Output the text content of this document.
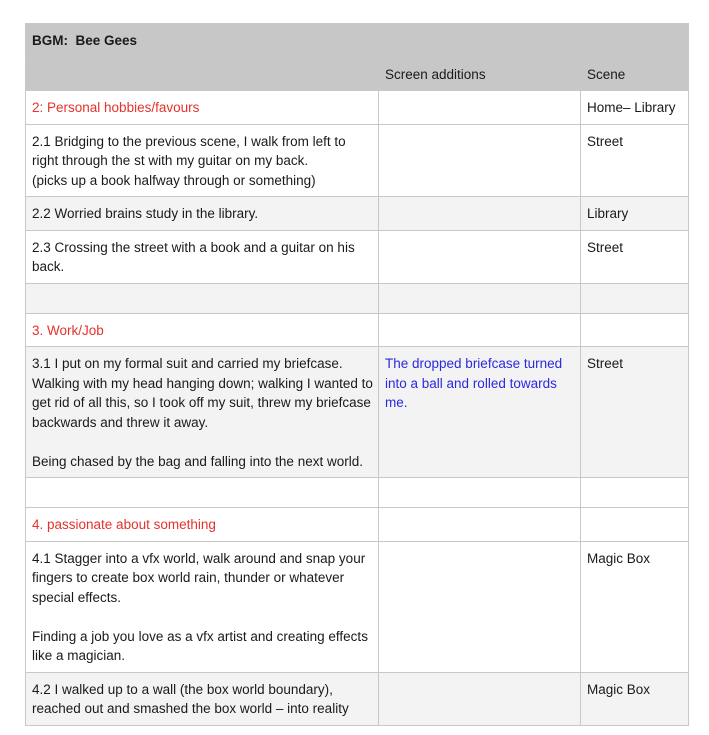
BGM:  Bee Gees		
	Screen additions	Scene
2: Personal hobbies/favours		Home– Library
2.1 Bridging to the previous scene, I walk from left to right through the st with my guitar on my back.
(picks up a book halfway through or something)		Street
2.2 Worried brains study in the library.		Library
2.3 Crossing the street with a book and a guitar on his back.		Street

3. Work/Job		
3.1 I put on my formal suit and carried my briefcase. Walking with my head hanging down; walking I wanted to get rid of all this, so I took off my suit, threw my briefcase backwards and threw it away.

Being chased by the bag and falling into the next world.	The dropped briefcase turned into a ball and rolled towards me.	Street

4. passionate about something		
4.1 Stagger into a vfx world, walk around and snap your fingers to create box world rain, thunder or whatever special effects.

Finding a job you love as a vfx artist and creating effects like a magician.		Magic Box
4.2 I walked up to a wall (the box world boundary), reached out and smashed the box world – into reality		Magic Box
